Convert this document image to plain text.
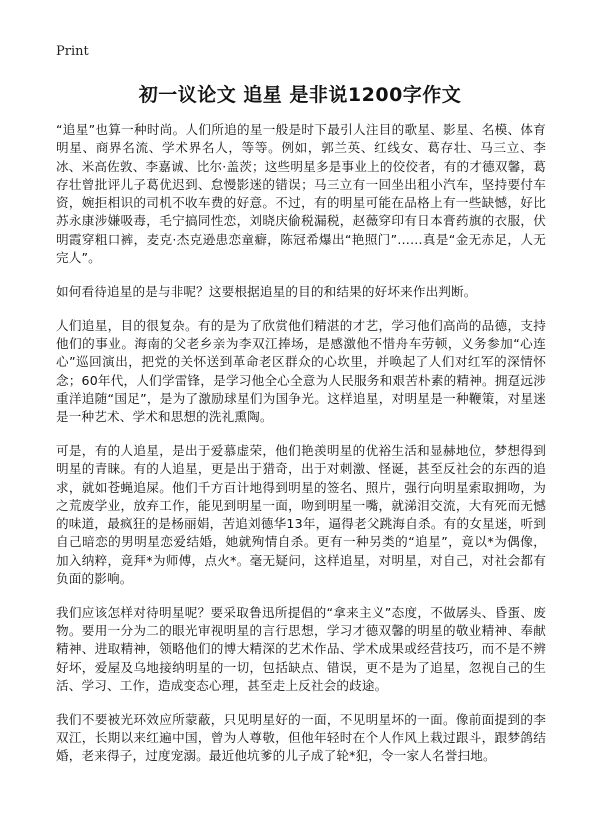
Print
初一议论文 追星 是非说1200字作文

“追星”也算一种时尚。人们所追的星一般是时下最引人注目的歌星、影星、名模、体育明星、商界名流、学术界名人，等等。例如，郭兰英、红线女、葛存壮、马三立、李冰、米高佐敦、李嘉诚、比尔·盖茨；这些明星多是事业上的佼佼者，有的才德双馨，葛存壮曾批评儿子葛优迟到、怠慢影迷的错误；马三立有一回坐出租小汽车，坚持要付车资，婉拒相识的司机不收车费的好意。不过，有的明星可能在品格上有一些缺憾，好比苏永康涉嫌吸毒，毛宁搞同性恋，刘晓庆偷税漏税，赵薇穿印有日本膏药旗的衣服，伏明霞穿粗口裤，麦克·杰克逊患恋童癖，陈冠希爆出“艳照门”……真是“金无赤足，人无完人”。

如何看待追星的是与非呢？这要根据追星的目的和结果的好坏来作出判断。

人们追星，目的很复杂。有的是为了欣赏他们精湛的才艺，学习他们高尚的品德，支持他们的事业。海南的父老乡亲为李双江捧场，是感激他不惜舟车劳顿，义务参加“心连心”巡回演出，把党的关怀送到革命老区群众的心坎里，并唤起了人们对红军的深情怀念；60年代，人们学雷锋，是学习他全心全意为人民服务和艰苦朴素的精神。拥趸远涉重洋追随“国足”，是为了激励球星们为国争光。这样追星，对明星是一种鞭策，对星迷是一种艺术、学术和思想的洗礼熏陶。

可是，有的人追星，是出于爱慕虚荣，他们艳羡明星的优裕生活和显赫地位，梦想得到明星的青睐。有的人追星，更是出于猎奇，出于对刺激、怪诞，甚至反社会的东西的追求，就如苍蝇追屎。他们千方百计地得到明星的签名、照片，强行向明星索取拥吻，为之荒废学业，放弃工作，能见到明星一面，吻到明星一嘴，就涕泪交流，大有死而无憾的味道，最疯狂的是杨丽娟，苦追刘德华13年，逼得老父跳海自杀。有的女星迷，听到自己暗恋的男明星恋爱结婚，她就殉情自杀。更有一种另类的“追星”，竟以*为偶像，加入纳粹，竟拜*为师傅，点火*。毫无疑问，这样追星，对明星，对自己，对社会都有负面的影响。

我们应该怎样对待明星呢？要采取鲁迅所提倡的“拿来主义”态度，不做孱头、昏蛋、废物。要用一分为二的眼光审视明星的言行思想，学习才德双馨的明星的敬业精神、奉献精神、进取精神，领略他们的博大精深的艺术作品、学术成果或经营技巧，而不是不辨好坏，爱屋及乌地接纳明星的一切，包括缺点、错误，更不是为了追星，忽视自己的生活、学习、工作，造成变态心理，甚至走上反社会的歧途。

我们不要被光环效应所蒙蔽，只见明星好的一面，不见明星坏的一面。像前面提到的李双江，长期以来红遍中国，曾为人尊敬，但他年轻时在个人作风上栽过跟斗，跟梦鸽结婚，老来得子，过度宠溺。最近他坑爹的儿子成了轮*犯，令一家人名誉扫地。
